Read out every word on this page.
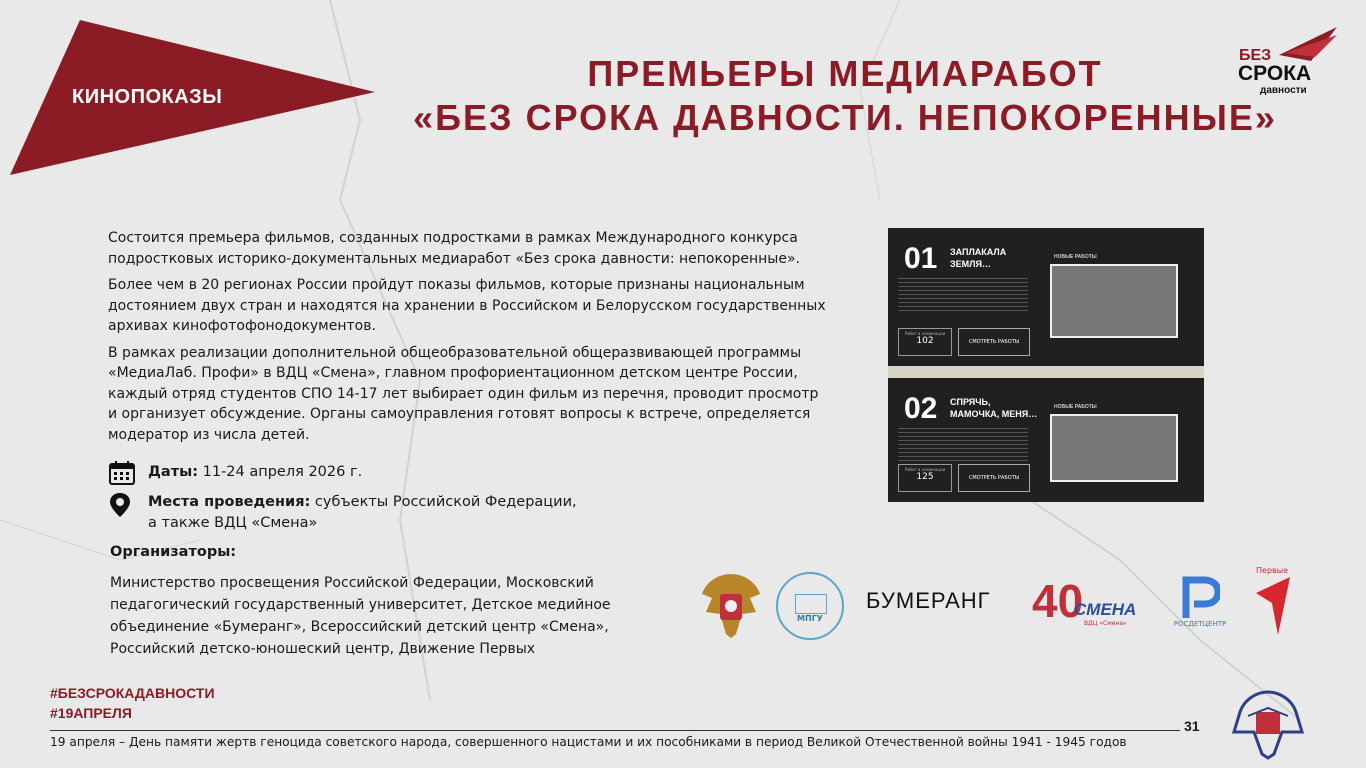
КИНОПОКАЗЫ
ПРЕМЬЕРЫ МЕДИАРАБОТ
«БЕЗ СРОКА ДАВНОСТИ. НЕПОКОРЕННЫЕ»
БЕЗ
СРОКА
давности

Состоится премьера фильмов, созданных подростками в рамках Международного конкурса подростковых историко-документальных медиаработ «Без срока давности: непокоренные».

Более чем в 20 регионах России пройдут показы фильмов, которые признаны национальным достоянием двух стран и находятся на хранении в Российском и Белорусском государственных архивах кинофотофонодокументов.

В рамках реализации дополнительной общеобразовательной общеразвивающей программы «МедиаЛаб. Профи» в ВДЦ «Смена», главном профориентационном детском центре России, каждый отряд студентов СПО 14-17 лет выбирает один фильм из перечня, проводит просмотр и организует обсуждение. Органы самоуправления готовят вопросы к встрече, определяется модератор из числа детей.

Даты: 11-24 апреля 2026 г.
Места проведения: субъекты Российской Федерации,
а также ВДЦ «Смена»
Организаторы:
Министерство просвещения Российской Федерации, Московский педагогический государственный университет, Детское медийное объединение «Бумеранг», Всероссийский детский центр «Смена», Российский детско-юношеский центр, Движение Первых
01 ЗАПЛАКАЛА ЗЕМЛЯ…
НОВЫЕ РАБОТЫ
Работ в номинации
102	СМОТРЕТЬ РАБОТЫ
02 СПРЯЧЬ, МАМОЧКА, МЕНЯ…
НОВЫЕ РАБОТЫ
Работ в номинации
125	СМОТРЕТЬ РАБОТЫ
МПГУ
БУМЕРАНГ 40
СМЕНА
ВДЦ «Смена»	РОСДЕТЦЕНТР
Первые
#БЕЗСРОКАДАВНОСТИ
#19АПРЕЛЯ
19 апреля – День памяти жертв геноцида советского народа, совершенного нацистами и их пособниками в период Великой Отечественной войны 1941 - 1945 годов
31
